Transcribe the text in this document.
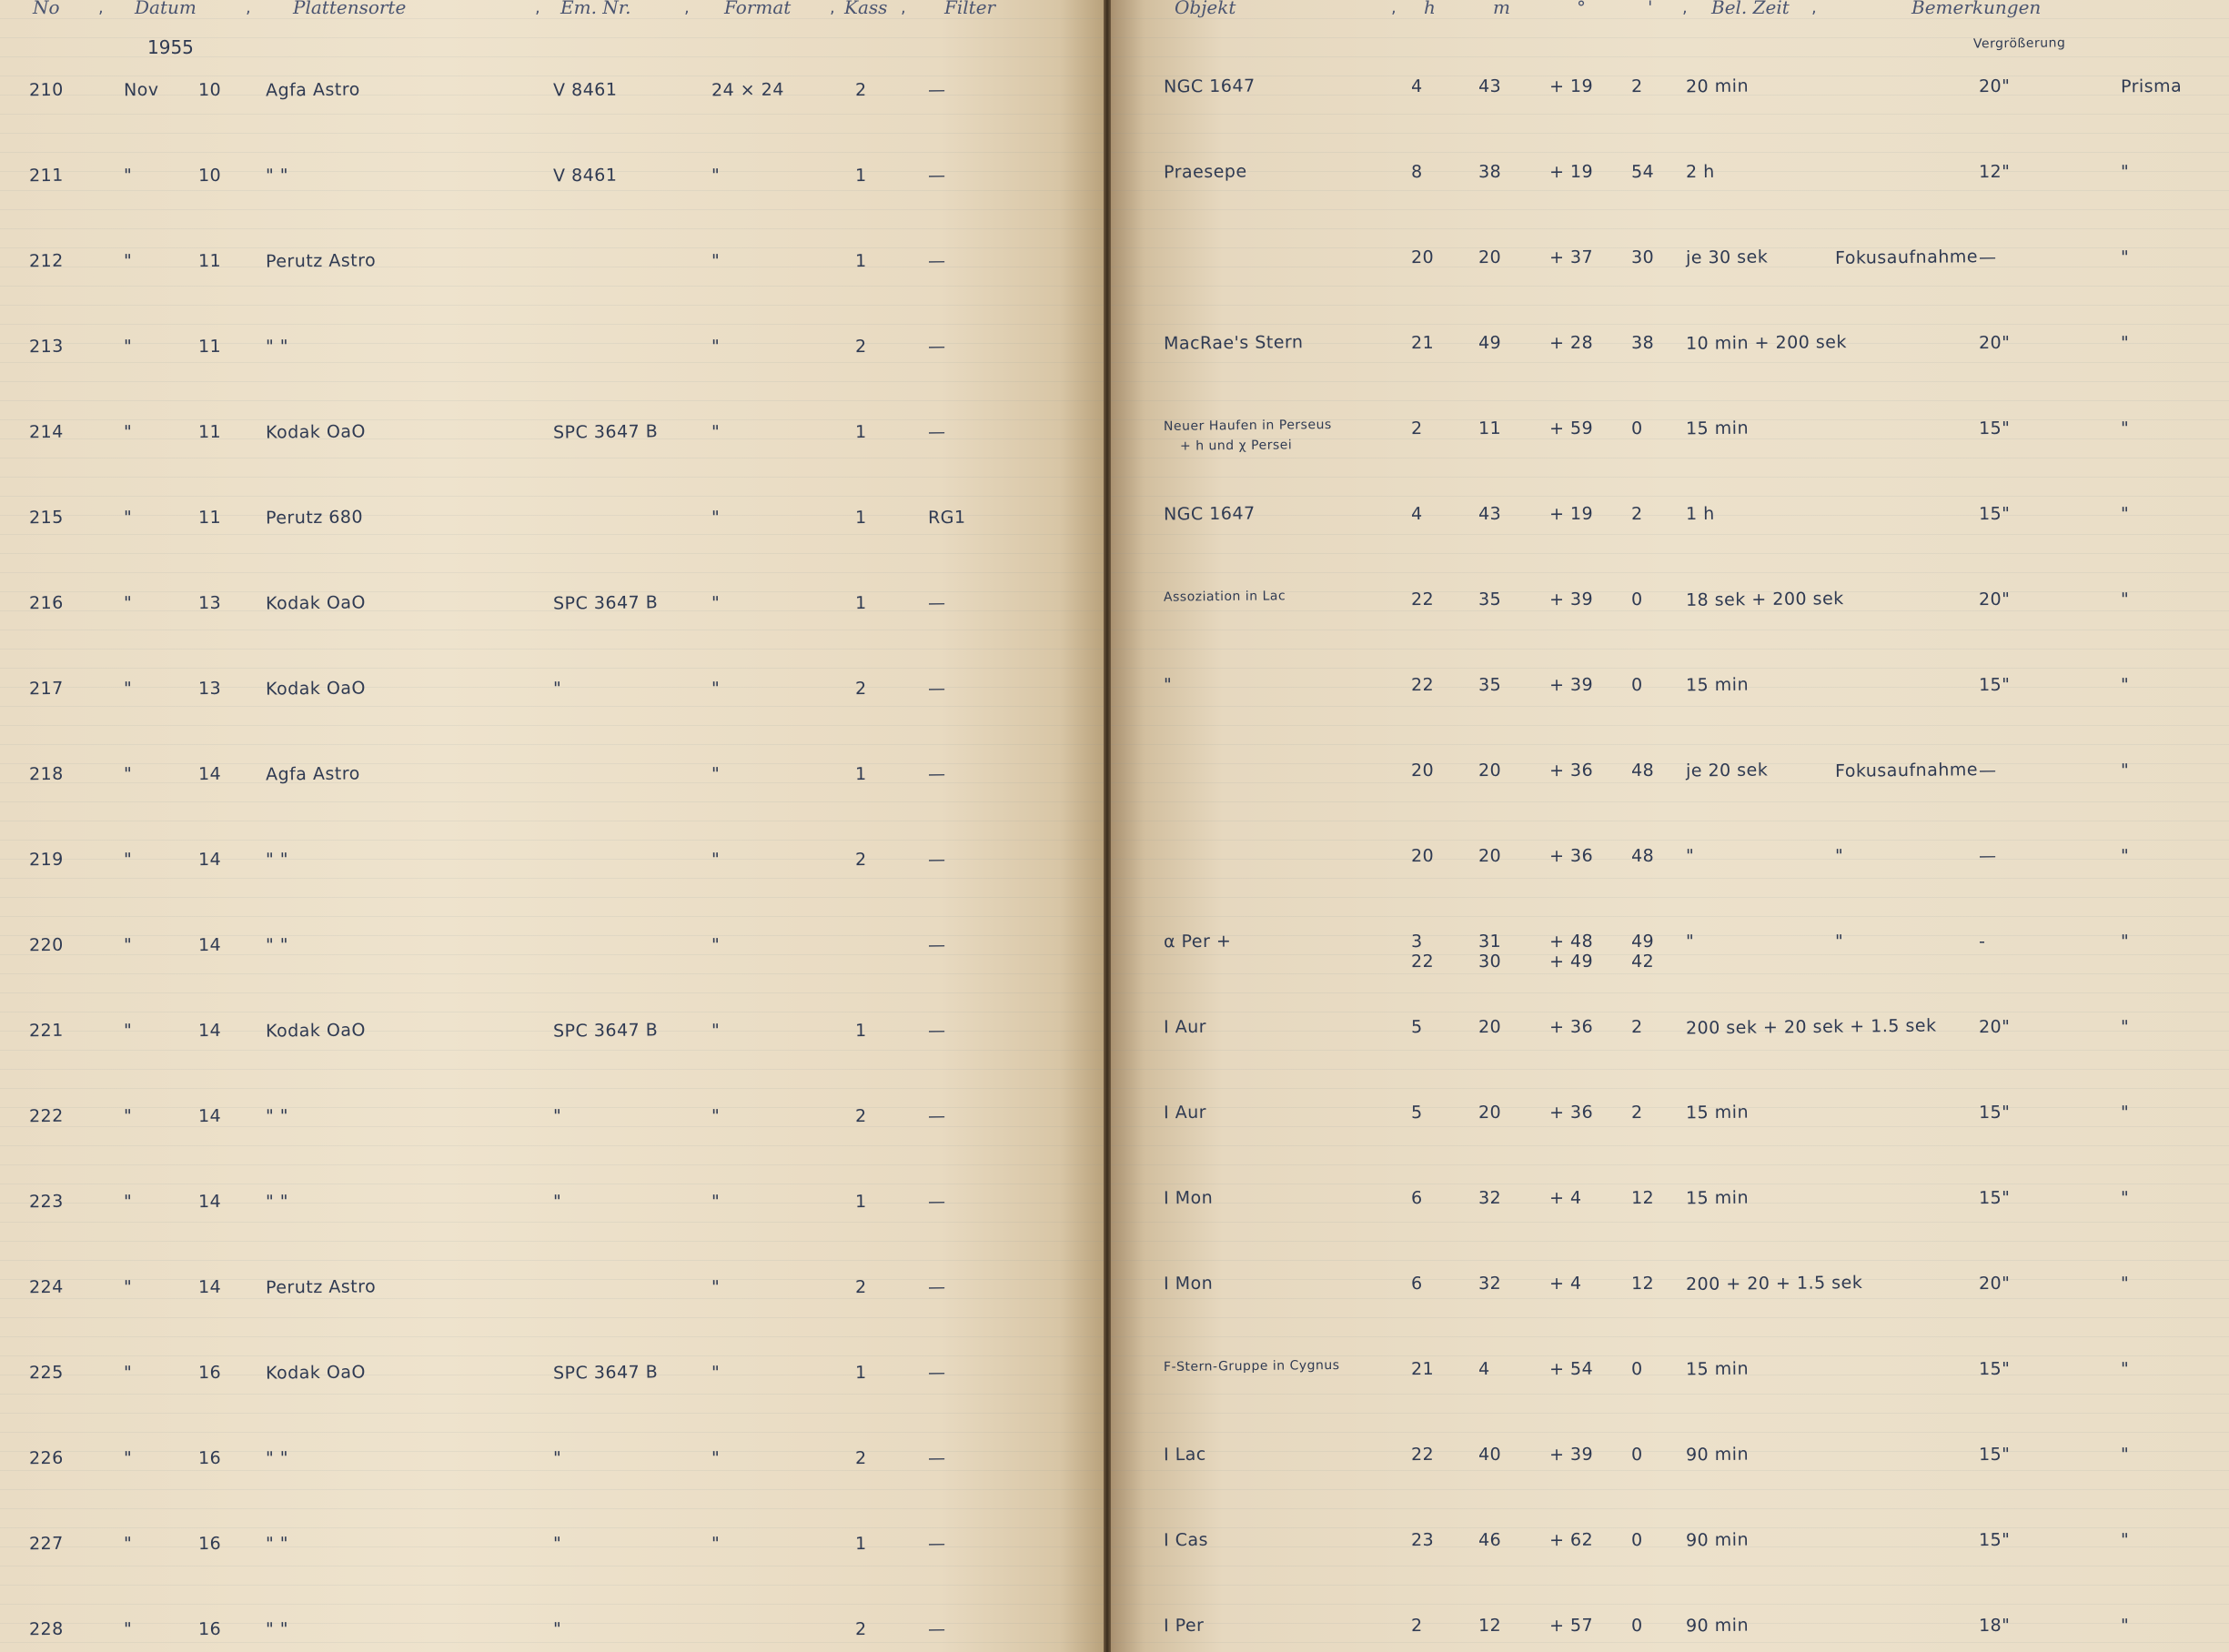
No , Datum	, Plattensorte	, Em. Nr.	, Format , Kass , Filter
1955
210	Nov 10	Agfa Astro	V 8461	24 × 24	2	—
211	"	10	" "	V 8461	"	1	—
212	"	11	Perutz Astro	"	1	—
213	"	11	" "	"	2	—
214	"	11	Kodak OaO	SPC 3647 B	"	1	—
215	"	11	Perutz 680	"	1	RG1
216	"	13	Kodak OaO	SPC 3647 B	"	1	—
217	"	13	Kodak OaO	"	"	2	—
218	"	14	Agfa Astro	"	1	—
219	"	14	" "	"	2	—
220	"	14	" "	"	—
221	"	14	Kodak OaO	SPC 3647 B	"	1	—
222	"	14	" "	"	"	2	—
223	"	14	" "	"	"	1	—
224	"	14	Perutz Astro	"	2	—
225	"	16	Kodak OaO	SPC 3647 B	"	1	—
226	"	16	" "	"	"	2	—
227	"	16	" "	"	"	1	—
228	"	16	" "	"	2	—
Objekt	, h	m	°	' , Bel. Zeit ,	Bemerkungen
Vergrößerung
NGC 1647	4	43	+ 19 2 20 min	20"	Prisma
Praesepe	8	38	+ 19 54 2 h	12"	"
20	20	+ 37 30 je 30 sek	Fokusaufnahme —	"
MacRae's Stern	21	49	+ 28 38 10 min + 200 sek	20"	"
Neuer Haufen in Perseus	2	11	+ 59 0 15 min	15"	"
+ h und χ Persei
NGC 1647	4	43	+ 19 2 1 h	15"	"
Assoziation in Lac	22	35	+ 39 0 18 sek + 200 sek	20"	"
"	22	35	+ 39 0 15 min	15"	"
20	20	+ 36 48 je 20 sek	Fokusaufnahme —	"
20	20	+ 36 48 "	"	—	"
α Per +	3	31	+ 48 49 "	"	-	"
22	30	+ 49 42
I Aur	5	20	+ 36 2 200 sek + 20 sek + 1.5 sek 20"	"
I Aur	5	20	+ 36 2 15 min	15"	"
I Mon	6	32	+ 4	12 15 min	15"	"
I Mon	6	32	+ 4	12 200 + 20 + 1.5 sek	20"	"
F-Stern-Gruppe in Cygnus	21	4	+ 54 0 15 min	15"	"
I Lac	22	40	+ 39 0 90 min	15"	"
I Cas	23	46	+ 62 0 90 min	15"	"
I Per	2	12	+ 57 0 90 min	18"	"
